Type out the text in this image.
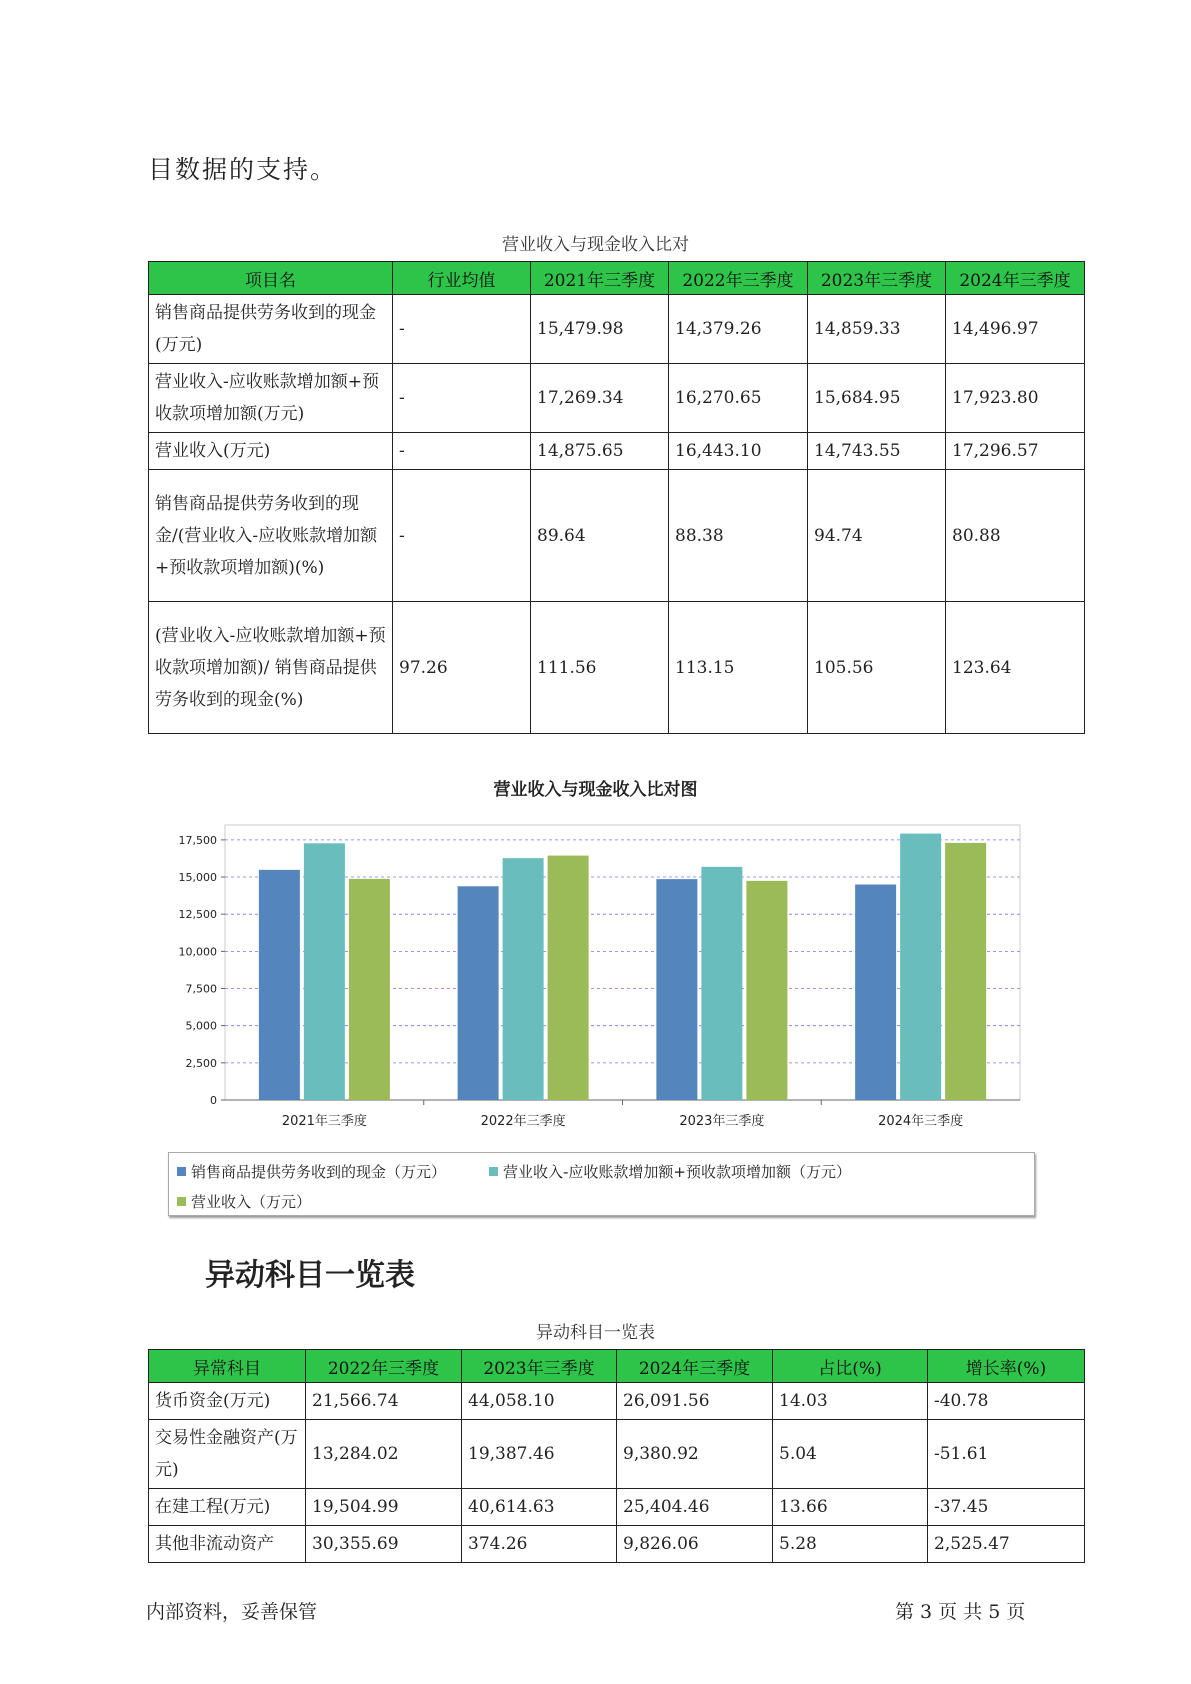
目数据的支持。
营业收入与现金收入比对
项目名	行业均值	2021年三季度	2022年三季度	2023年三季度	2024年三季度
销售商品提供劳务收到的现金(万元)	-	15,479.98	14,379.26	14,859.33	14,496.97
营业收入-应收账款增加额+预收款项增加额(万元)	-	17,269.34	16,270.65	15,684.95	17,923.80
营业收入(万元)	-	14,875.65	16,443.10	14,743.55	17,296.57
销售商品提供劳务收到的现金/(营业收入-应收账款增加额+预收款项增加额)(%)	-	89.64	88.38	94.74	80.88
(营业收入-应收账款增加额+预收款项增加额)/ 销售商品提供劳务收到的现金(%)	97.26	111.56	113.15	105.56	123.64
营业收入与现金收入比对图
0
2,500
5,000
7,500
10,000
12,500
15,000
17,500
2021年三季度	2022年三季度	2023年三季度	2024年三季度
销售商品提供劳务收到的现金（万元）	营业收入-应收账款增加额+预收款项增加额（万元）
营业收入（万元）
异动科目一览表
异动科目一览表
异常科目	2022年三季度	2023年三季度	2024年三季度	占比(%)	增长率(%)
货币资金(万元)	21,566.74	44,058.10	26,091.56	14.03	-40.78
交易性金融资产(万元)	13,284.02	19,387.46	9,380.92	5.04	-51.61
在建工程(万元)	19,504.99	40,614.63	25,404.46	13.66	-37.45
其他非流动资产	30,355.69	374.26	9,826.06	5.28	2,525.47
内部资料，妥善保管	第 3 页 共 5 页
